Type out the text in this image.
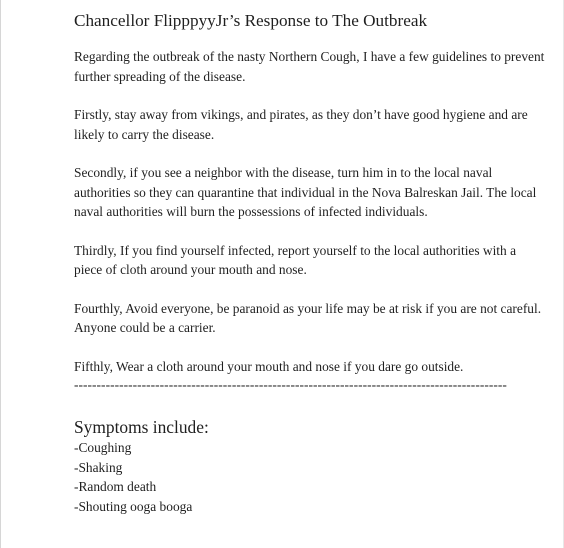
Chancellor FlipppyyJr’s Response to The Outbreak

Regarding the outbreak of the nasty Northern Cough, I have a few guidelines to prevent further spreading of the disease.

Firstly, stay away from vikings, and pirates, as they don’t have good hygiene and are likely to carry the disease.

Secondly, if you see a neighbor with the disease, turn him in to the local naval authorities so they can quarantine that individual in the Nova Balreskan Jail. The local naval authorities will burn the possessions of infected individuals.

Thirdly, If you find yourself infected, report yourself to the local authorities with a piece of cloth around your mouth and nose.

Fourthly, Avoid everyone, be paranoid as your life may be at risk if you are not careful. Anyone could be a carrier.

Fifthly, Wear a cloth around your mouth and nose if you dare go outside.

------------------------------------------------------------------------------------------------
Symptoms include:
-Coughing
-Shaking
-Random death
-Shouting ooga booga
